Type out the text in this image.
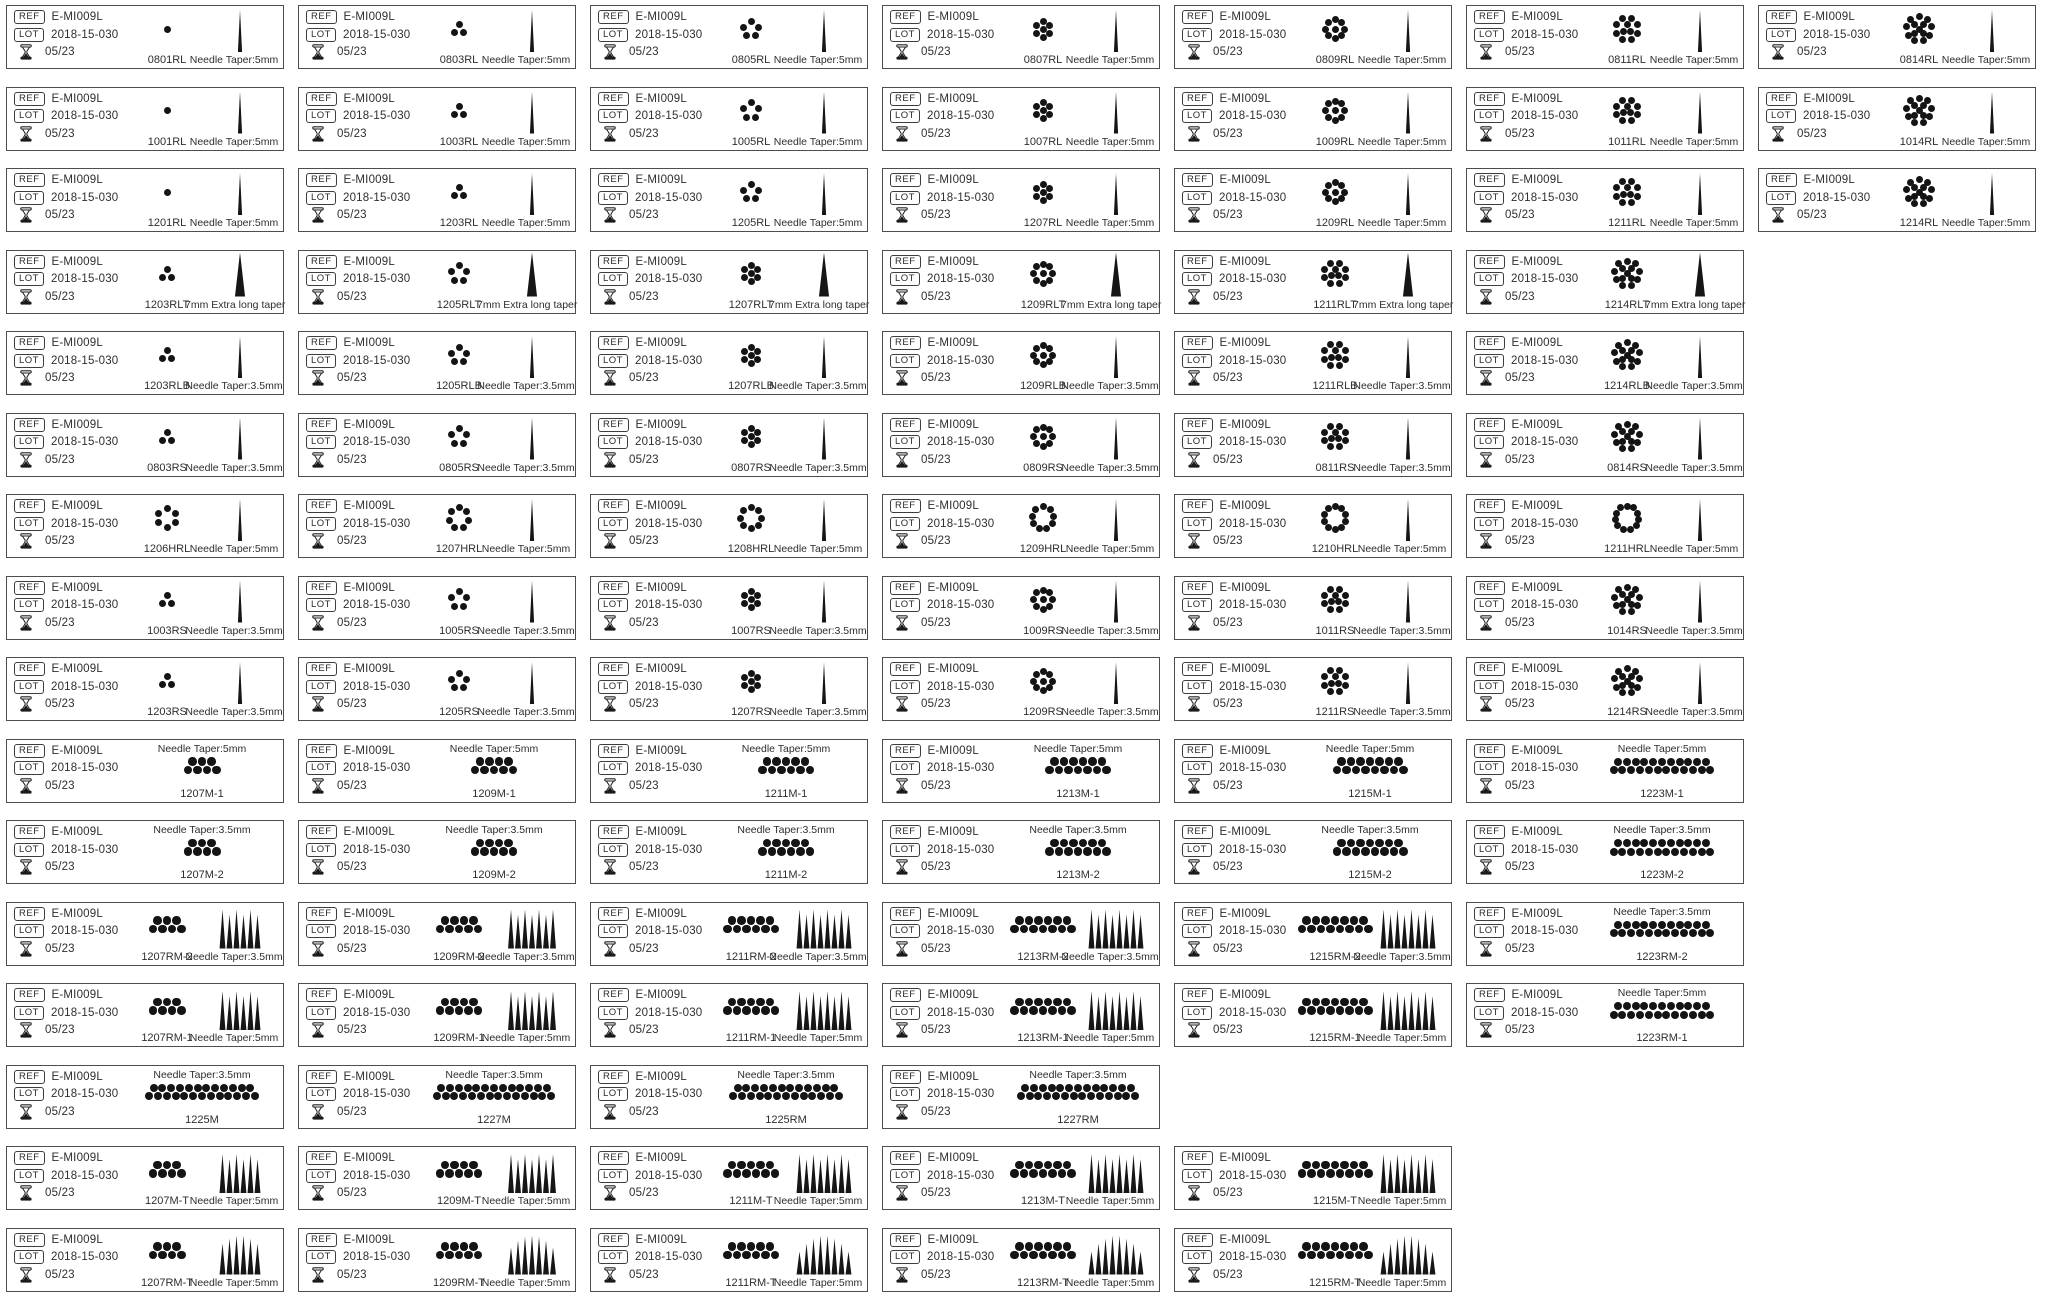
REF	E-MI009L
LOT	2018-15-030
05/23
0801RL Needle Taper:5mm
REF	E-MI009L
LOT	2018-15-030
05/23
0803RL Needle Taper:5mm
REF	E-MI009L
LOT	2018-15-030
05/23
0805RL Needle Taper:5mm
REF	E-MI009L
LOT	2018-15-030
05/23
0807RL Needle Taper:5mm
REF	E-MI009L
LOT	2018-15-030
05/23
0809RL Needle Taper:5mm
REF	E-MI009L
LOT	2018-15-030
05/23
0811RL Needle Taper:5mm
REF	E-MI009L
LOT	2018-15-030
05/23
0814RL Needle Taper:5mm
REF	E-MI009L
LOT	2018-15-030
05/23
1001RL Needle Taper:5mm
REF	E-MI009L
LOT	2018-15-030
05/23
1003RL Needle Taper:5mm
REF	E-MI009L
LOT	2018-15-030
05/23
1005RL Needle Taper:5mm
REF	E-MI009L
LOT	2018-15-030
05/23
1007RL Needle Taper:5mm
REF	E-MI009L
LOT	2018-15-030
05/23
1009RL Needle Taper:5mm
REF	E-MI009L
LOT	2018-15-030
05/23
1011RL Needle Taper:5mm
REF	E-MI009L
LOT	2018-15-030
05/23
1014RL Needle Taper:5mm
REF	E-MI009L
LOT	2018-15-030
05/23
1201RL Needle Taper:5mm
REF	E-MI009L
LOT	2018-15-030
05/23
1203RL Needle Taper:5mm
REF	E-MI009L
LOT	2018-15-030
05/23
1205RL Needle Taper:5mm
REF	E-MI009L
LOT	2018-15-030
05/23
1207RL Needle Taper:5mm
REF	E-MI009L
LOT	2018-15-030
05/23
1209RL Needle Taper:5mm
REF	E-MI009L
LOT	2018-15-030
05/23
1211RL Needle Taper:5mm
REF	E-MI009L
LOT	2018-15-030
05/23
1214RL Needle Taper:5mm
REF	E-MI009L
LOT	2018-15-030
05/23
1203RLT
7mm Extra long taper
REF	E-MI009L
LOT	2018-15-030
05/23
1205RLT
7mm Extra long taper
REF	E-MI009L
LOT	2018-15-030
05/23
1207RLT
7mm Extra long taper
REF	E-MI009L
LOT	2018-15-030
05/23
1209RLT
7mm Extra long taper
REF	E-MI009L
LOT	2018-15-030
05/23
1211RLT
7mm Extra long taper
REF	E-MI009L
LOT	2018-15-030
05/23
1214RLT
7mm Extra long taper
REF	E-MI009L
LOT	2018-15-030
05/23
1203RLB
Needle Taper:3.5mm
REF	E-MI009L
LOT	2018-15-030
05/23
1205RLB
Needle Taper:3.5mm
REF	E-MI009L
LOT	2018-15-030
05/23
1207RLB
Needle Taper:3.5mm
REF	E-MI009L
LOT	2018-15-030
05/23
1209RLB
Needle Taper:3.5mm
REF	E-MI009L
LOT	2018-15-030
05/23
1211RLB
Needle Taper:3.5mm
REF	E-MI009L
LOT	2018-15-030
05/23
1214RLB
Needle Taper:3.5mm
REF	E-MI009L
LOT	2018-15-030
05/23
0803RS
Needle Taper:3.5mm
REF	E-MI009L
LOT	2018-15-030
05/23
0805RS
Needle Taper:3.5mm
REF	E-MI009L
LOT	2018-15-030
05/23
0807RS
Needle Taper:3.5mm
REF	E-MI009L
LOT	2018-15-030
05/23
0809RS
Needle Taper:3.5mm
REF	E-MI009L
LOT	2018-15-030
05/23
0811RS
Needle Taper:3.5mm
REF	E-MI009L
LOT	2018-15-030
05/23
0814RS
Needle Taper:3.5mm
REF	E-MI009L
LOT	2018-15-030
05/23
1206HRL Needle Taper:5mm
REF	E-MI009L
LOT	2018-15-030
05/23
1207HRL Needle Taper:5mm
REF	E-MI009L
LOT	2018-15-030
05/23
1208HRL Needle Taper:5mm
REF	E-MI009L
LOT	2018-15-030
05/23
1209HRL Needle Taper:5mm
REF	E-MI009L
LOT	2018-15-030
05/23
1210HRL Needle Taper:5mm
REF	E-MI009L
LOT	2018-15-030
05/23
1211HRL Needle Taper:5mm
REF	E-MI009L
LOT	2018-15-030
05/23
1003RS
Needle Taper:3.5mm
REF	E-MI009L
LOT	2018-15-030
05/23
1005RS
Needle Taper:3.5mm
REF	E-MI009L
LOT	2018-15-030
05/23
1007RS
Needle Taper:3.5mm
REF	E-MI009L
LOT	2018-15-030
05/23
1009RS
Needle Taper:3.5mm
REF	E-MI009L
LOT	2018-15-030
05/23
1011RS
Needle Taper:3.5mm
REF	E-MI009L
LOT	2018-15-030
05/23
1014RS
Needle Taper:3.5mm
REF	E-MI009L
LOT	2018-15-030
05/23
1203RS
Needle Taper:3.5mm
REF	E-MI009L
LOT	2018-15-030
05/23
1205RS
Needle Taper:3.5mm
REF	E-MI009L
LOT	2018-15-030
05/23
1207RS
Needle Taper:3.5mm
REF	E-MI009L
LOT	2018-15-030
05/23
1209RS
Needle Taper:3.5mm
REF	E-MI009L
LOT	2018-15-030
05/23
1211RS
Needle Taper:3.5mm
REF	E-MI009L
LOT	2018-15-030
05/23
1214RS
Needle Taper:3.5mm
REF	E-MI009L
LOT	2018-15-030
05/23
1207M-1
Needle Taper:5mm	REF	E-MI009L
LOT	2018-15-030
05/23
1209M-1
Needle Taper:5mm	REF	E-MI009L
LOT	2018-15-030
05/23
1211M-1
Needle Taper:5mm	REF	E-MI009L
LOT	2018-15-030
05/23
1213M-1
Needle Taper:5mm	REF	E-MI009L
LOT	2018-15-030
05/23
1215M-1
Needle Taper:5mm	REF	E-MI009L
LOT	2018-15-030
05/23
1223M-1
Needle Taper:5mm
REF	E-MI009L
LOT	2018-15-030
05/23
1207M-2
Needle Taper:3.5mm	REF	E-MI009L
LOT	2018-15-030
05/23
1209M-2
Needle Taper:3.5mm	REF	E-MI009L
LOT	2018-15-030
05/23
1211M-2
Needle Taper:3.5mm	REF	E-MI009L
LOT	2018-15-030
05/23
1213M-2
Needle Taper:3.5mm	REF	E-MI009L
LOT	2018-15-030
05/23
1215M-2
Needle Taper:3.5mm	REF	E-MI009L
LOT	2018-15-030
05/23
1223M-2
Needle Taper:3.5mm
REF	E-MI009L
LOT	2018-15-030
05/23
1207RM-2
Needle Taper:3.5mm
REF	E-MI009L
LOT	2018-15-030
05/23
1209RM-2
Needle Taper:3.5mm
REF	E-MI009L
LOT	2018-15-030
05/23
1211RM-2
Needle Taper:3.5mm
REF	E-MI009L
LOT	2018-15-030
05/23
1213RM-2
Needle Taper:3.5mm
REF	E-MI009L
LOT	2018-15-030
05/23
1215RM-2
Needle Taper:3.5mm
REF	E-MI009L
LOT	2018-15-030
05/23
1223RM-2
Needle Taper:3.5mm
REF	E-MI009L
LOT	2018-15-030
05/23
1207RM-1
Needle Taper:5mm
REF	E-MI009L
LOT	2018-15-030
05/23
1209RM-1
Needle Taper:5mm
REF	E-MI009L
LOT	2018-15-030
05/23
1211RM-1
Needle Taper:5mm
REF	E-MI009L
LOT	2018-15-030
05/23
1213RM-1
Needle Taper:5mm
REF	E-MI009L
LOT	2018-15-030
05/23
1215RM-1
Needle Taper:5mm
REF	E-MI009L
LOT	2018-15-030
05/23
1223RM-1
Needle Taper:5mm
REF	E-MI009L
LOT	2018-15-030
05/23
1225M
Needle Taper:3.5mm	REF	E-MI009L
LOT	2018-15-030
05/23
1227M
Needle Taper:3.5mm	REF	E-MI009L
LOT	2018-15-030
05/23
1225RM
Needle Taper:3.5mm	REF	E-MI009L
LOT	2018-15-030
05/23
1227RM
Needle Taper:3.5mm
REF	E-MI009L
LOT	2018-15-030
05/23
1207M-T Needle Taper:5mm
REF	E-MI009L
LOT	2018-15-030
05/23
1209M-T Needle Taper:5mm
REF	E-MI009L
LOT	2018-15-030
05/23
1211M-T Needle Taper:5mm
REF	E-MI009L
LOT	2018-15-030
05/23
1213M-T Needle Taper:5mm
REF	E-MI009L
LOT	2018-15-030
05/23
1215M-T Needle Taper:5mm
REF	E-MI009L
LOT	2018-15-030
05/23
1207RM-T
Needle Taper:5mm
REF	E-MI009L
LOT	2018-15-030
05/23
1209RM-T
Needle Taper:5mm
REF	E-MI009L
LOT	2018-15-030
05/23
1211RM-T
Needle Taper:5mm
REF	E-MI009L
LOT	2018-15-030
05/23
1213RM-T
Needle Taper:5mm
REF	E-MI009L
LOT	2018-15-030
05/23
1215RM-T
Needle Taper:5mm
